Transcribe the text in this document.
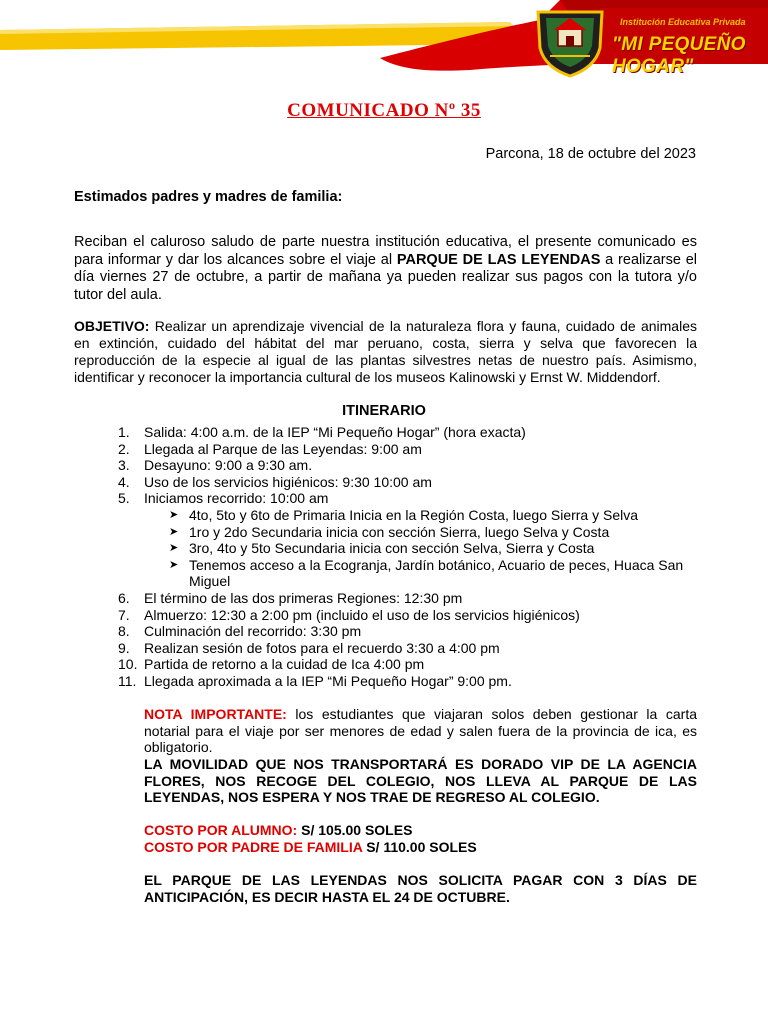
Institución Educativa Privada
"MI PEQUEÑO HOGAR"
COMUNICADO Nº 35
Parcona, 18 de octubre del 2023
Estimados padres y madres de familia:
Reciban el caluroso saludo de parte nuestra institución educativa, el presente comunicado es para informar y dar los alcances sobre el viaje al PARQUE DE LAS LEYENDAS a realizarse el día viernes 27 de octubre, a partir de mañana ya pueden realizar sus pagos con la tutora y/o tutor del aula.
OBJETIVO: Realizar un aprendizaje vivencial de la naturaleza flora y fauna, cuidado de animales en extinción, cuidado del hábitat del mar peruano, costa, sierra y selva que favorecen la reproducción de la especie al igual de las plantas silvestres netas de nuestro país. Asimismo, identificar y reconocer la importancia cultural de los museos Kalinowski y Ernst W. Middendorf.
ITINERARIO
1.	Salida: 4:00 a.m. de la IEP “Mi Pequeño Hogar” (hora exacta)
2.	Llegada al Parque de las Leyendas: 9:00 am
3.	Desayuno: 9:00 a 9:30 am.
4.	Uso de los servicios higiénicos: 9:30 10:00 am
5.	Iniciamos recorrido: 10:00 am
➤ 4to, 5to y 6to de Primaria Inicia en la Región Costa, luego Sierra y Selva
➤ 1ro y 2do Secundaria inicia con sección Sierra, luego Selva y Costa
➤ 3ro, 4to y 5to Secundaria inicia con sección Selva, Sierra y Costa
➤ Tenemos acceso a la Ecogranja, Jardín botánico, Acuario de peces, Huaca San Miguel
6.	El término de las dos primeras Regiones: 12:30 pm
7.	Almuerzo: 12:30 a 2:00 pm (incluido el uso de los servicios higiénicos)
8.	Culminación del recorrido: 3:30 pm
9.	Realizan sesión de fotos para el recuerdo 3:30 a 4:00 pm
10. Partida de retorno a la cuidad de Ica 4:00 pm
11. Llegada aproximada a la IEP “Mi Pequeño Hogar” 9:00 pm.
NOTA IMPORTANTE: los estudiantes que viajaran solos deben gestionar la carta notarial para el viaje por ser menores de edad y salen fuera de la provincia de ica, es obligatorio.
LA MOVILIDAD QUE NOS TRANSPORTARÁ ES DORADO VIP DE LA AGENCIA FLORES, NOS RECOGE DEL COLEGIO, NOS LLEVA AL PARQUE DE LAS LEYENDAS, NOS ESPERA Y NOS TRAE DE REGRESO AL COLEGIO.
COSTO POR ALUMNO: S/ 105.00 SOLES
COSTO POR PADRE DE FAMILIA S/ 110.00 SOLES
EL PARQUE DE LAS LEYENDAS NOS SOLICITA PAGAR CON 3 DÍAS DE ANTICIPACIÓN, ES DECIR HASTA EL 24 DE OCTUBRE.
